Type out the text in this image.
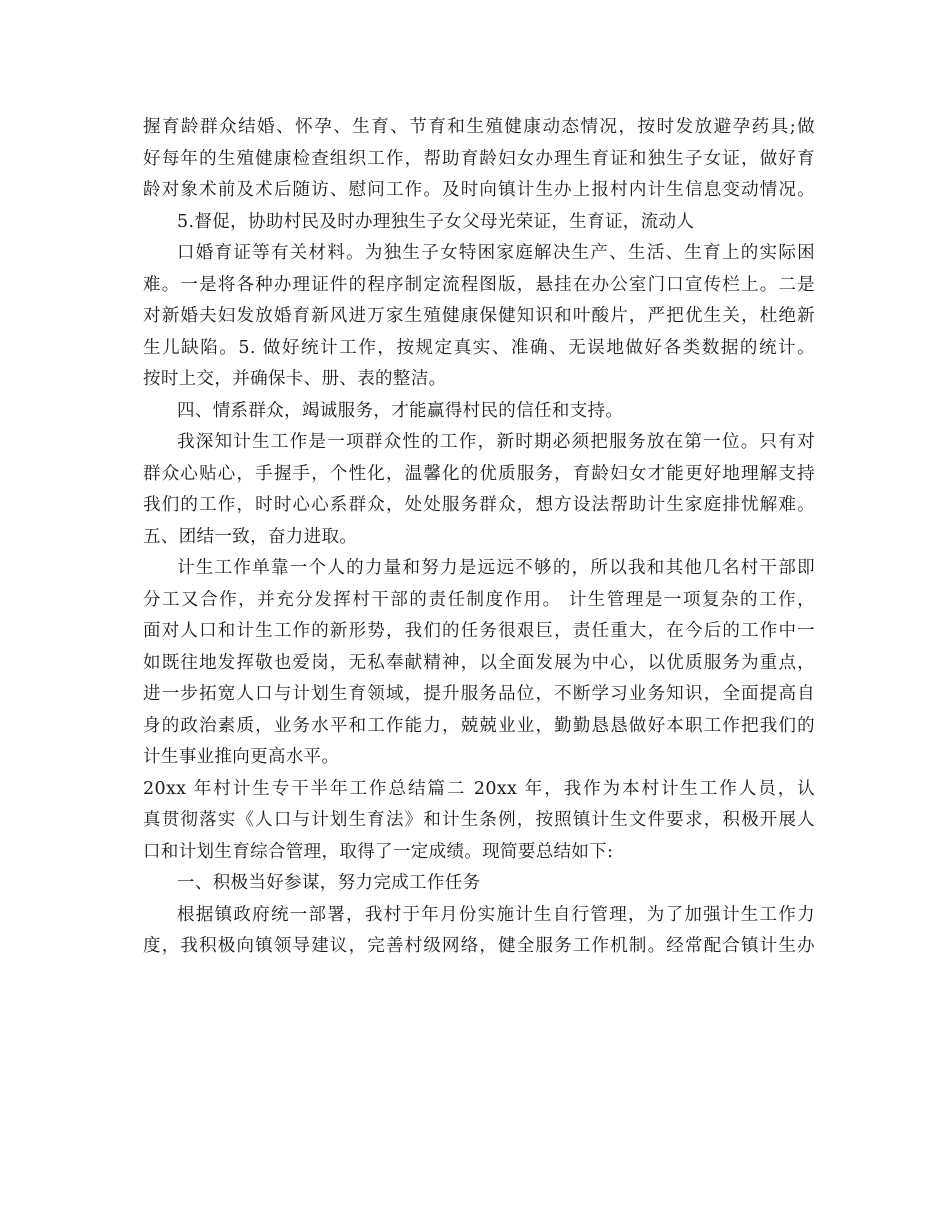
握育龄群众结婚、怀孕、生育、节育和生殖健康动态情况，按时发放避孕药具;做
好每年的生殖健康检查组织工作，帮助育龄妇女办理生育证和独生子女证，做好育
龄对象术前及术后随访、慰问工作。及时向镇计生办上报村内计生信息变动情况。
5.督促，协助村民及时办理独生子女父母光荣证，生育证，流动人
口婚育证等有关材料。为独生子女特困家庭解决生产、生活、生育上的实际困
难。一是将各种办理证件的程序制定流程图版，悬挂在办公室门口宣传栏上。二是
对新婚夫妇发放婚育新风进万家生殖健康保健知识和叶酸片，严把优生关，杜绝新
生儿缺陷。5. 做好统计工作，按规定真实、准确、无误地做好各类数据的统计。
按时上交，并确保卡、册、表的整洁。
四、情系群众，竭诚服务，才能赢得村民的信任和支持。
我深知计生工作是一项群众性的工作，新时期必须把服务放在第一位。只有对
群众心贴心，手握手，个性化，温馨化的优质服务，育龄妇女才能更好地理解支持
我们的工作，时时心心系群众，处处服务群众，想方设法帮助计生家庭排忧解难。
五、团结一致，奋力进取。
计生工作单靠一个人的力量和努力是远远不够的，所以我和其他几名村干部即
分工又合作，并充分发挥村干部的责任制度作用。 计生管理是一项复杂的工作，
面对人口和计生工作的新形势，我们的任务很艰巨，责任重大，在今后的工作中一
如既往地发挥敬也爱岗，无私奉献精神，以全面发展为中心，以优质服务为重点，
进一步拓宽人口与计划生育领域，提升服务品位，不断学习业务知识，全面提高自
身的政治素质，业务水平和工作能力，兢兢业业，勤勤恳恳做好本职工作把我们的
计生事业推向更高水平。
20xx 年村计生专干半年工作总结篇二 20xx 年，我作为本村计生工作人员，认
真贯彻落实《人口与计划生育法》和计生条例，按照镇计生文件要求，积极开展人
口和计划生育综合管理，取得了一定成绩。现简要总结如下:
一、积极当好参谋，努力完成工作任务
根据镇政府统一部署，我村于年月份实施计生自行管理，为了加强计生工作力
度，我积极向镇领导建议，完善村级网络，健全服务工作机制。经常配合镇计生办
